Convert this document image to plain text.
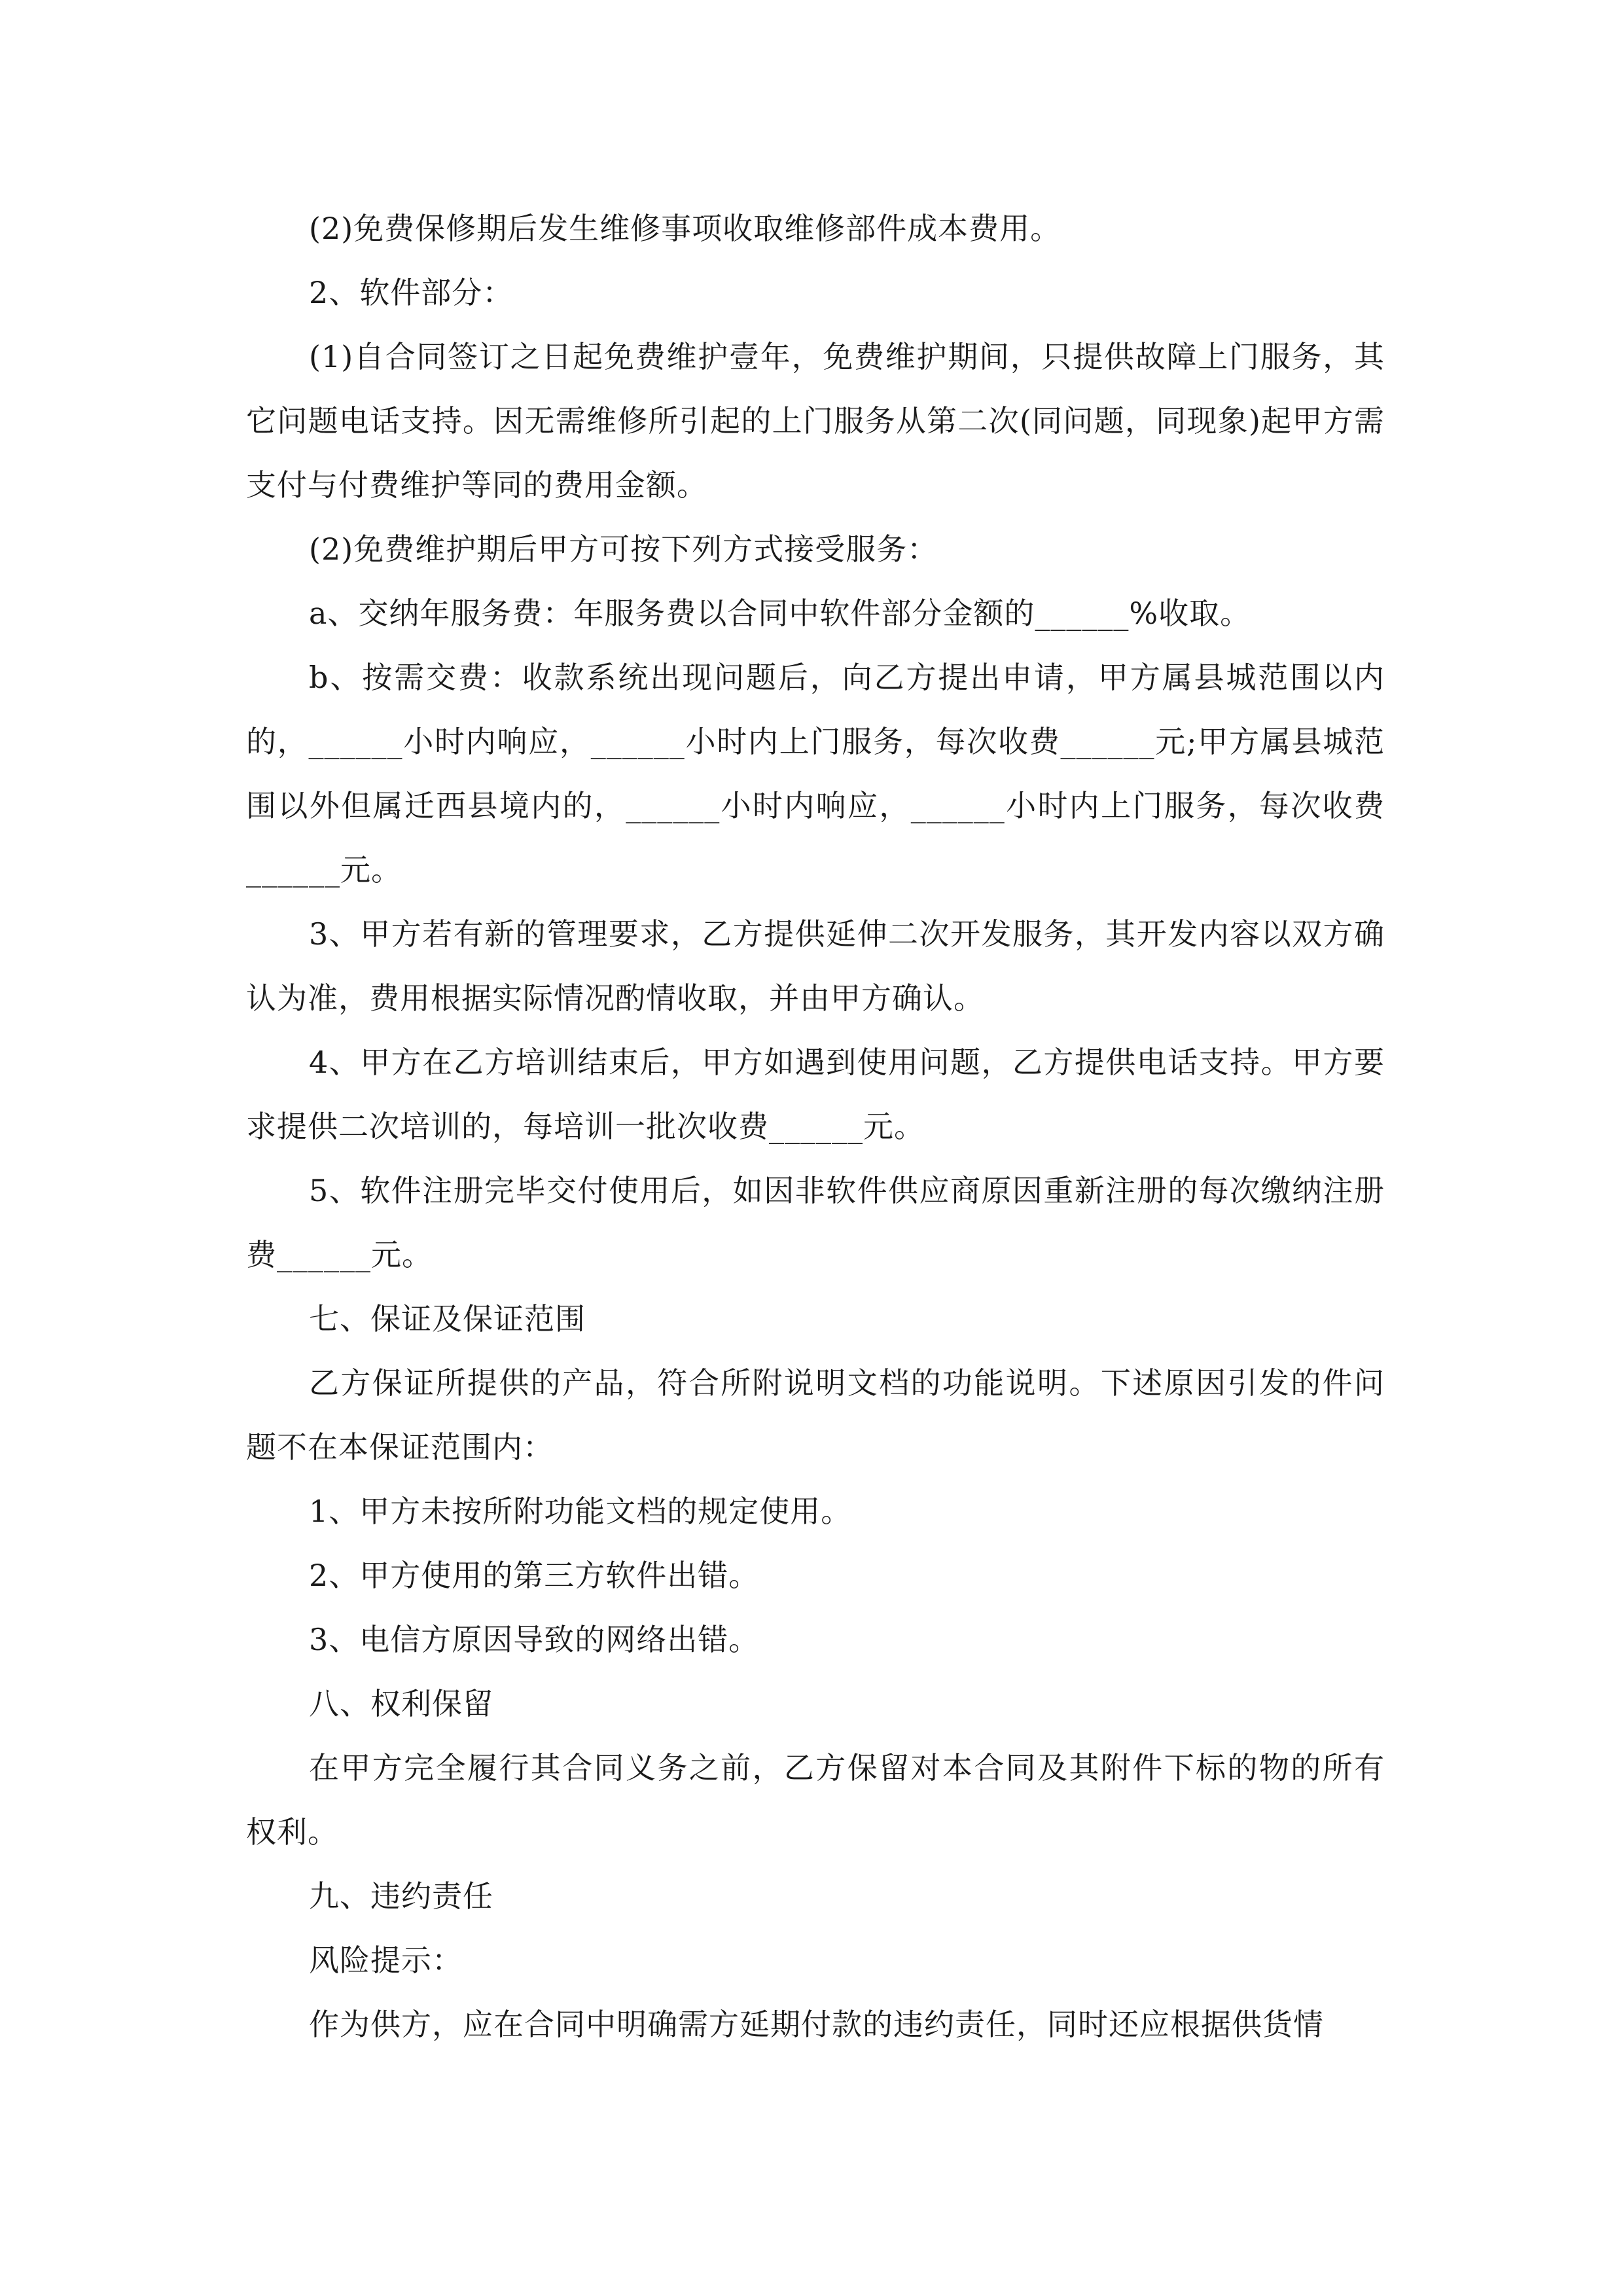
(2)免费保修期后发生维修事项收取维修部件成本费用。

2、软件部分：

(1)自合同签订之日起免费维护壹年，免费维护期间，只提供故障上门服务，其它问题电话支持。因无需维修所引起的上门服务从第二次(同问题，同现象)起甲方需支付与付费维护等同的费用金额。

(2)免费维护期后甲方可按下列方式接受服务：

a、交纳年服务费：年服务费以合同中软件部分金额的______%收取。

b、按需交费：收款系统出现问题后，向乙方提出申请，甲方属县城范围以内的，______小时内响应，______小时内上门服务，每次收费______元;甲方属县城范围以外但属迁西县境内的，______小时内响应，______小时内上门服务，每次收费______元。

3、甲方若有新的管理要求，乙方提供延伸二次开发服务，其开发内容以双方确认为准，费用根据实际情况酌情收取，并由甲方确认。

4、甲方在乙方培训结束后，甲方如遇到使用问题，乙方提供电话支持。甲方要求提供二次培训的，每培训一批次收费______元。

5、软件注册完毕交付使用后，如因非软件供应商原因重新注册的每次缴纳注册费______元。

七、保证及保证范围

乙方保证所提供的产品，符合所附说明文档的功能说明。下述原因引发的件问题不在本保证范围内：

1、甲方未按所附功能文档的规定使用。

2、甲方使用的第三方软件出错。

3、电信方原因导致的网络出错。

八、权利保留

在甲方完全履行其合同义务之前，乙方保留对本合同及其附件下标的物的所有权利。

九、违约责任

风险提示：

作为供方，应在合同中明确需方延期付款的违约责任，同时还应根据供货情
